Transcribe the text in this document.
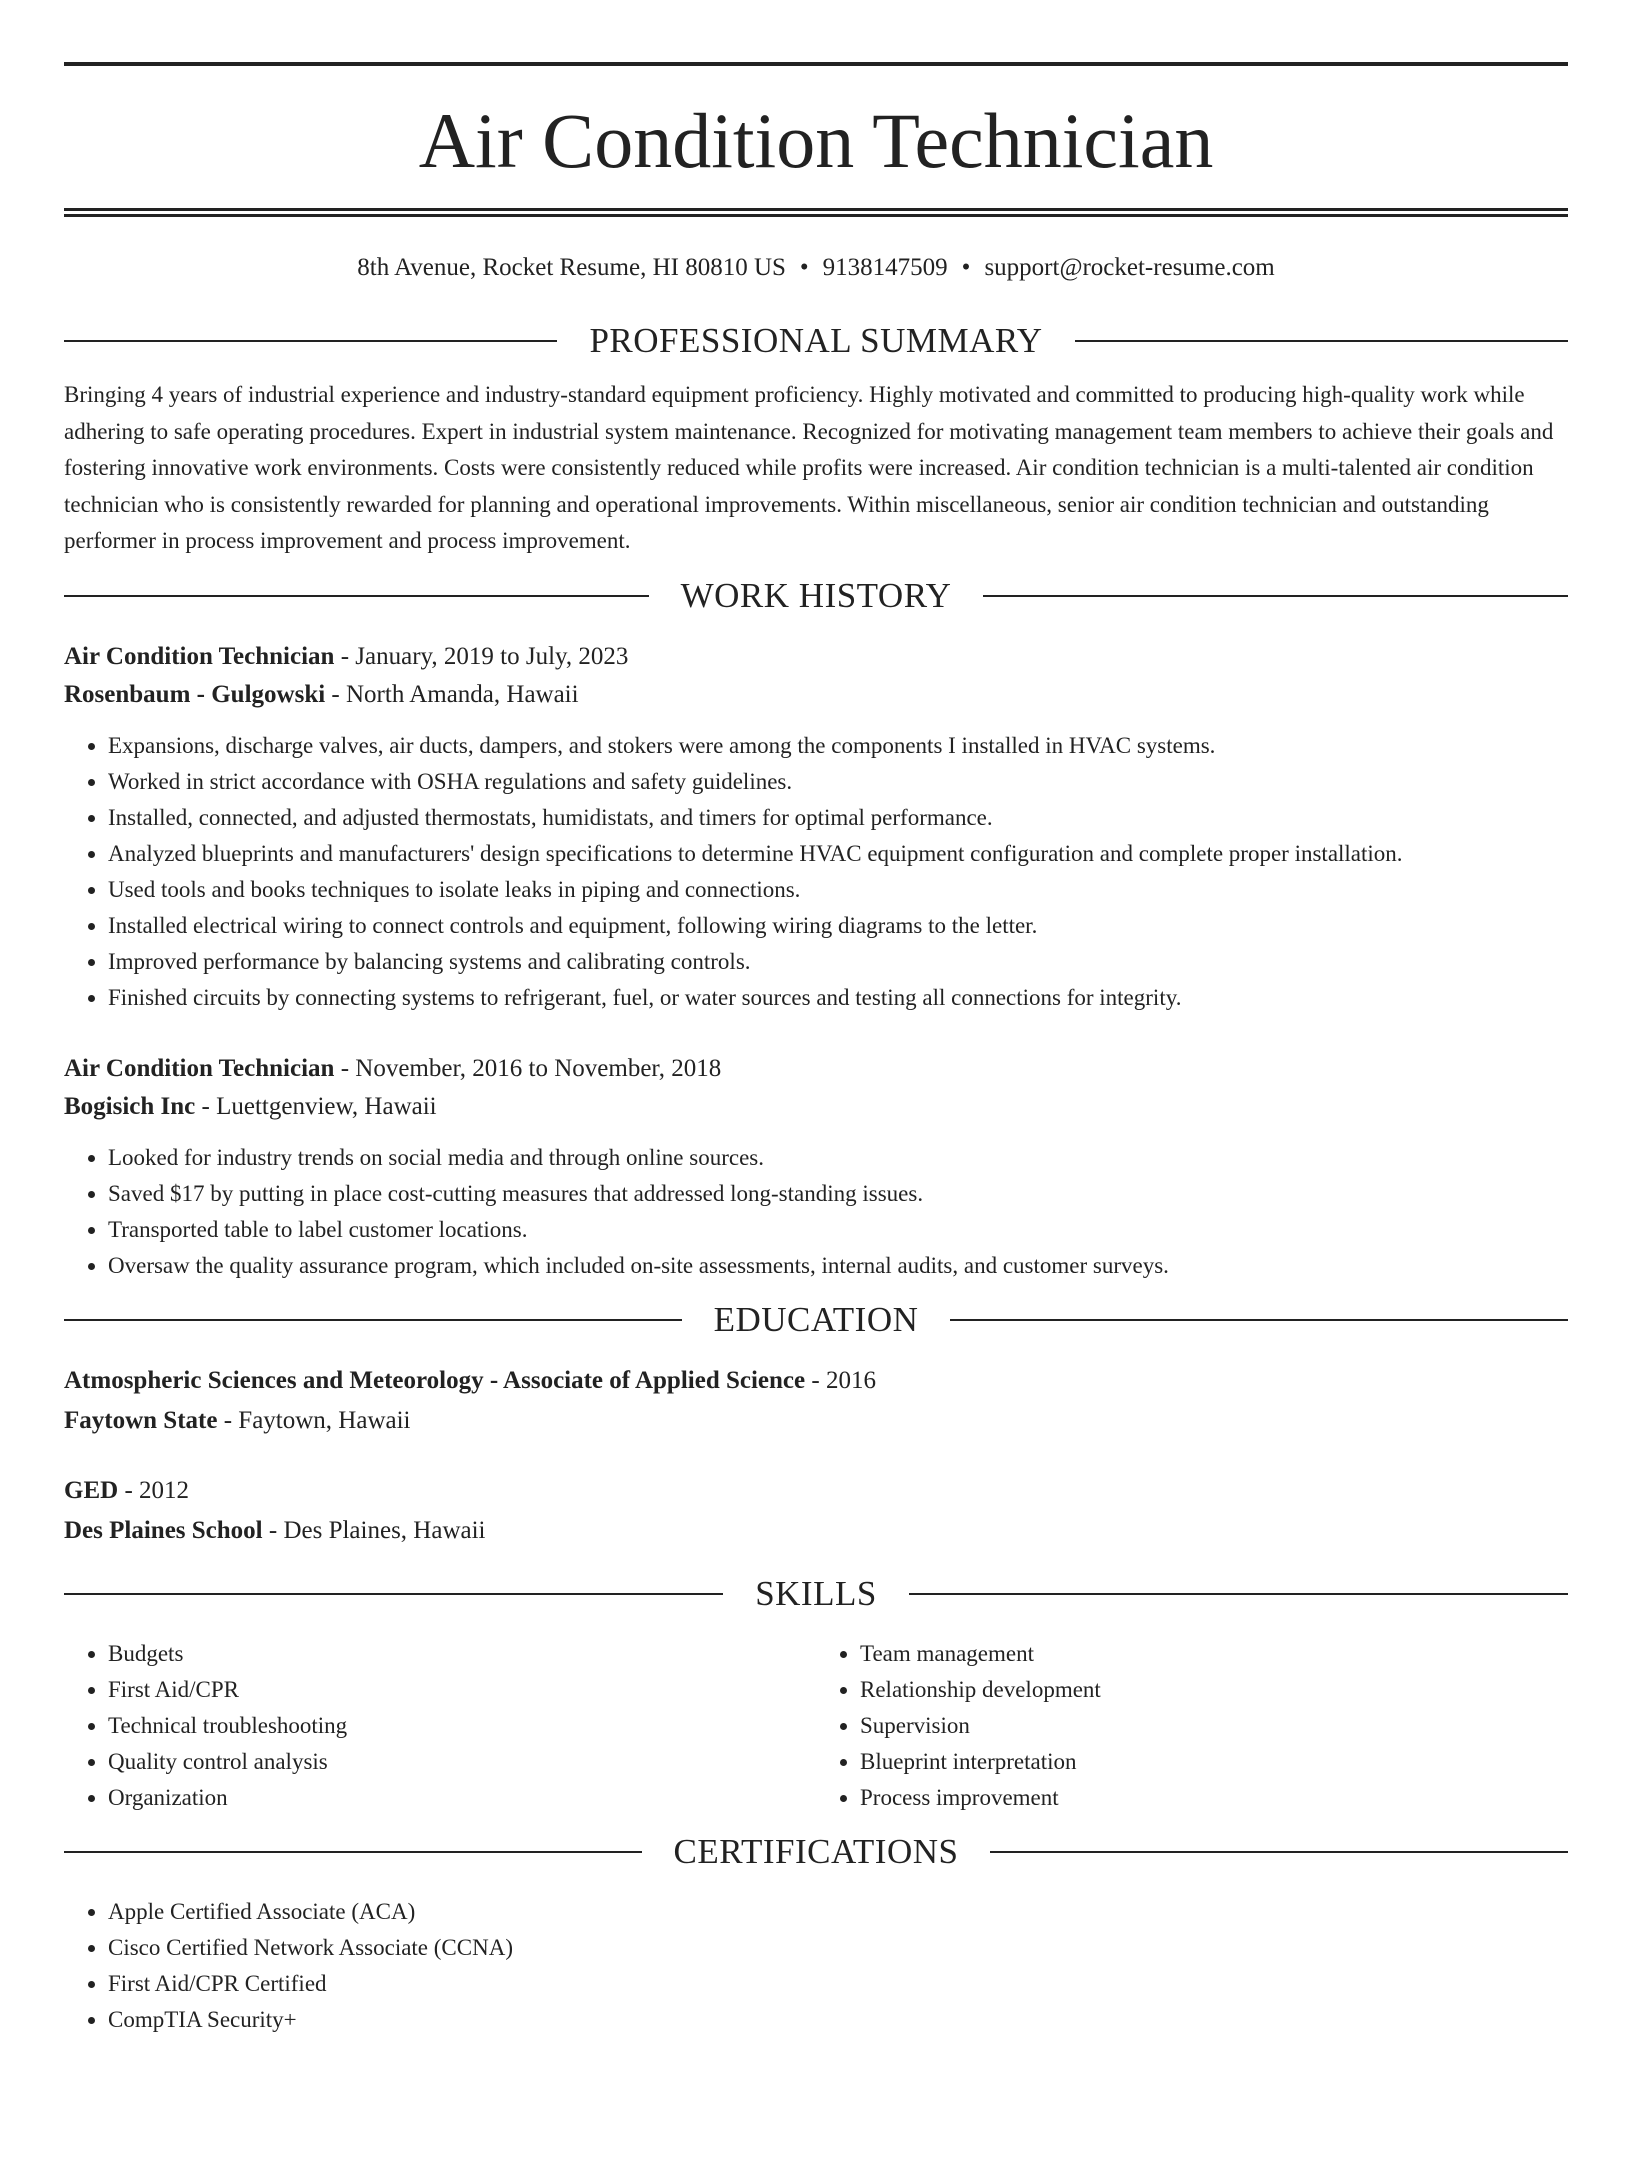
Air Condition Technician
8th Avenue, Rocket Resume, HI 80810 US • 9138147509 • support@rocket-resume.com
PROFESSIONAL SUMMARY

Bringing 4 years of industrial experience and industry-standard equipment proficiency. Highly motivated and committed to producing high-quality work while adhering to safe operating procedures. Expert in industrial system maintenance. Recognized for motivating management team members to achieve their goals and fostering innovative work environments. Costs were consistently reduced while profits were increased. Air condition technician is a multi-talented air condition technician who is consistently rewarded for planning and operational improvements. Within miscellaneous, senior air condition technician and outstanding performer in process improvement and process improvement.

WORK HISTORY
Air Condition Technician - January, 2019 to July, 2023
Rosenbaum - Gulgowski - North Amanda, Hawaii
• Expansions, discharge valves, air ducts, dampers, and stokers were among the components I installed in HVAC systems.
• Worked in strict accordance with OSHA regulations and safety guidelines.
• Installed, connected, and adjusted thermostats, humidistats, and timers for optimal performance.
• Analyzed blueprints and manufacturers' design specifications to determine HVAC equipment configuration and complete proper installation.
• Used tools and books techniques to isolate leaks in piping and connections.
• Installed electrical wiring to connect controls and equipment, following wiring diagrams to the letter.
• Improved performance by balancing systems and calibrating controls.
• Finished circuits by connecting systems to refrigerant, fuel, or water sources and testing all connections for integrity.
Air Condition Technician - November, 2016 to November, 2018
Bogisich Inc - Luettgenview, Hawaii
• Looked for industry trends on social media and through online sources.
• Saved $17 by putting in place cost-cutting measures that addressed long-standing issues.
• Transported table to label customer locations.
• Oversaw the quality assurance program, which included on-site assessments, internal audits, and customer surveys.
EDUCATION
Atmospheric Sciences and Meteorology - Associate of Applied Science - 2016
Faytown State - Faytown, Hawaii
GED - 2012
Des Plaines School - Des Plaines, Hawaii
SKILLS
• Budgets
• First Aid/CPR
• Technical troubleshooting
• Quality control analysis
• Organization
• Team management
• Relationship development
• Supervision
• Blueprint interpretation
• Process improvement
CERTIFICATIONS
• Apple Certified Associate (ACA)
• Cisco Certified Network Associate (CCNA)
• First Aid/CPR Certified
• CompTIA Security+
